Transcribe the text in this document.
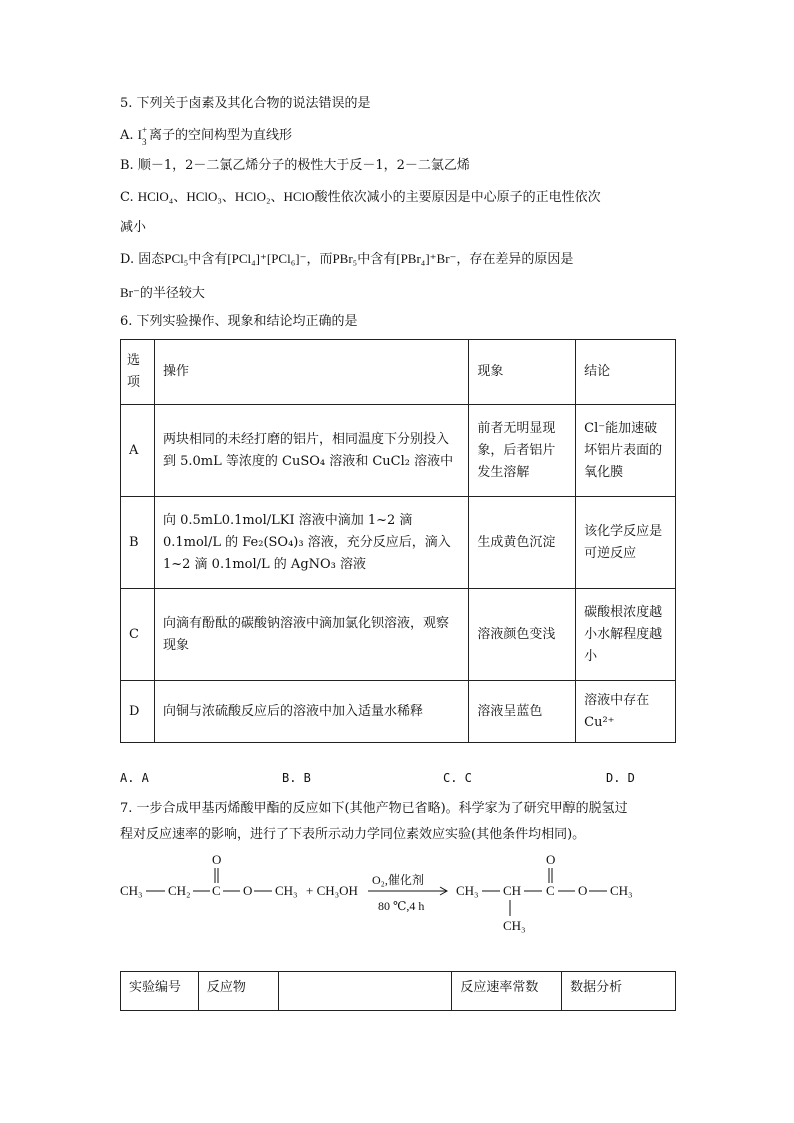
5. 下列关于卤素及其化合物的说法错误的是
A. I +
3 离子的空间构型为直线形
B. 顺－1，2－二氯乙烯分子的极性大于反－1，2－二氯乙烯
C. HClO₄、HClO₃、HClO₂、HClO酸性依次减小的主要原因是中心原子的正电性依次
减小
D. 固态PCl₅中含有[PCl₄]⁺[PCl₆]⁻，而PBr₅中含有[PBr₄]⁺Br⁻，存在差异的原因是
Br⁻的半径较大
6. 下列实验操作、现象和结论均正确的是
选项	操作	现象	结论
A	两块相同的未经打磨的铝片，相同温度下分别投入到 5.0mL 等浓度的 CuSO₄ 溶液和 CuCl₂ 溶液中	前者无明显现象，后者铝片发生溶解	Cl⁻能加速破坏铝片表面的氧化膜
B	向 0.5mL0.1mol/LKI 溶液中滴加 1~2 滴 0.1mol/L 的 Fe₂(SO₄)₃ 溶液，充分反应后，滴入 1~2 滴 0.1mol/L 的 AgNO₃ 溶液	生成黄色沉淀	该化学反应是可逆反应
C	向滴有酚酞的碳酸钠溶液中滴加氯化钡溶液，观察现象	溶液颜色变浅	碳酸根浓度越小水解程度越小
D	向铜与浓硫酸反应后的溶液中加入适量水稀释	溶液呈蓝色	溶液中存在 Cu²⁺
A. A	B. B	C. C	D. D
7. 一步合成甲基丙烯酸甲酯的反应如下(其他产物已省略)。科学家为了研究甲醇的脱氢过
程对反应速率的影响，进行了下表所示动力学同位素效应实验(其他条件均相同)。
CH₃ CH₂ C
O
O CH₃ + CH₃OH
O₂,催化剂
80 ℃,4 h
CH₃ CH
CH₃
C
O
O CH₃
实验编号	反应物		反应速率常数	数据分析
